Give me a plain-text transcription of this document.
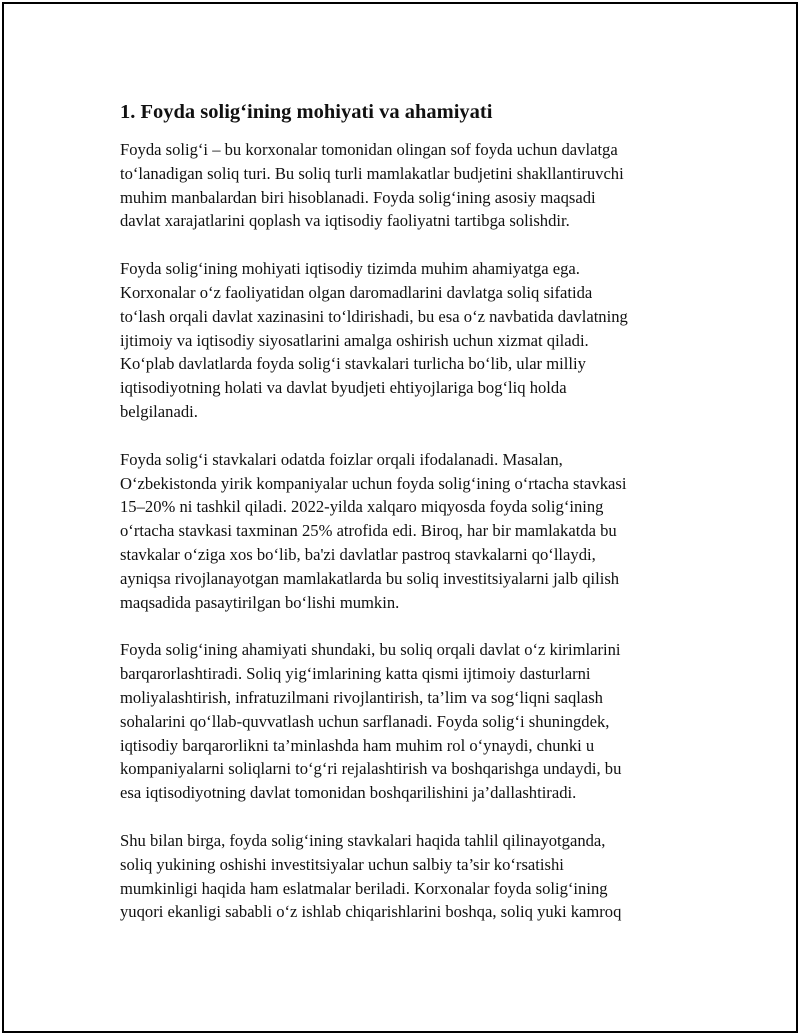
1. Foyda solig‘ining mohiyati va ahamiyati

Foyda solig‘i – bu korxonalar tomonidan olingan sof foyda uchun davlatga
to‘lanadigan soliq turi. Bu soliq turli mamlakatlar budjetini shakllantiruvchi
muhim manbalardan biri hisoblanadi. Foyda solig‘ining asosiy maqsadi
davlat xarajatlarini qoplash va iqtisodiy faoliyatni tartibga solishdir.

Foyda solig‘ining mohiyati iqtisodiy tizimda muhim ahamiyatga ega.
Korxonalar o‘z faoliyatidan olgan daromadlarini davlatga soliq sifatida
to‘lash orqali davlat xazinasini to‘ldirishadi, bu esa o‘z navbatida davlatning
ijtimoiy va iqtisodiy siyosatlarini amalga oshirish uchun xizmat qiladi.
Ko‘plab davlatlarda foyda solig‘i stavkalari turlicha bo‘lib, ular milliy
iqtisodiyotning holati va davlat byudjeti ehtiyojlariga bog‘liq holda
belgilanadi.

Foyda solig‘i stavkalari odatda foizlar orqali ifodalanadi. Masalan,
O‘zbekistonda yirik kompaniyalar uchun foyda solig‘ining o‘rtacha stavkasi
15–20% ni tashkil qiladi. 2022-yilda xalqaro miqyosda foyda solig‘ining
o‘rtacha stavkasi taxminan 25% atrofida edi. Biroq, har bir mamlakatda bu
stavkalar o‘ziga xos bo‘lib, ba'zi davlatlar pastroq stavkalarni qo‘llaydi,
ayniqsa rivojlanayotgan mamlakatlarda bu soliq investitsiyalarni jalb qilish
maqsadida pasaytirilgan bo‘lishi mumkin.

Foyda solig‘ining ahamiyati shundaki, bu soliq orqali davlat o‘z kirimlarini
barqarorlashtiradi. Soliq yig‘imlarining katta qismi ijtimoiy dasturlarni
moliyalashtirish, infratuzilmani rivojlantirish, ta’lim va sog‘liqni saqlash
sohalarini qo‘llab-quvvatlash uchun sarflanadi. Foyda solig‘i shuningdek,
iqtisodiy barqarorlikni ta’minlashda ham muhim rol o‘ynaydi, chunki u
kompaniyalarni soliqlarni to‘g‘ri rejalashtirish va boshqarishga undaydi, bu
esa iqtisodiyotning davlat tomonidan boshqarilishini ja’dallashtiradi.

Shu bilan birga, foyda solig‘ining stavkalari haqida tahlil qilinayotganda,
soliq yukining oshishi investitsiyalar uchun salbiy ta’sir ko‘rsatishi
mumkinligi haqida ham eslatmalar beriladi. Korxonalar foyda solig‘ining
yuqori ekanligi sababli o‘z ishlab chiqarishlarini boshqa, soliq yuki kamroq
